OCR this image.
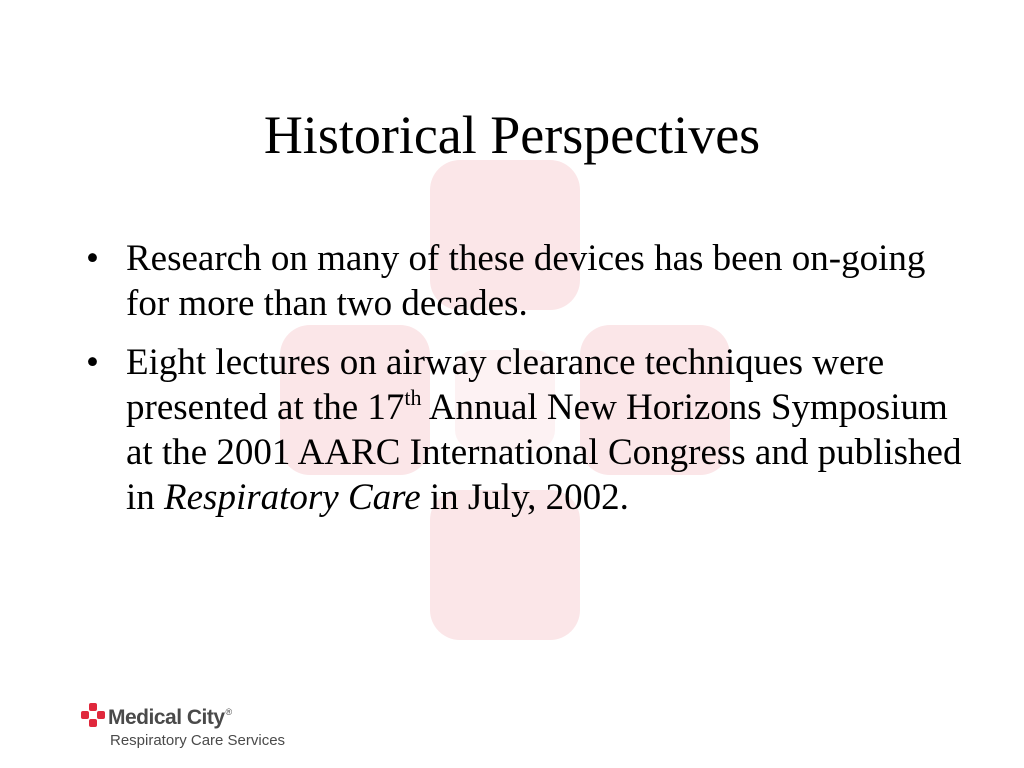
Historical Perspectives
• Research on many of these devices has been on-going for more than two decades.
• Eight lectures on airway clearance techniques were presented at the 17th Annual New Horizons Symposium at the 2001 AARC International Congress and published in Respiratory Care in July, 2002.
Medical City®
Respiratory Care Services
